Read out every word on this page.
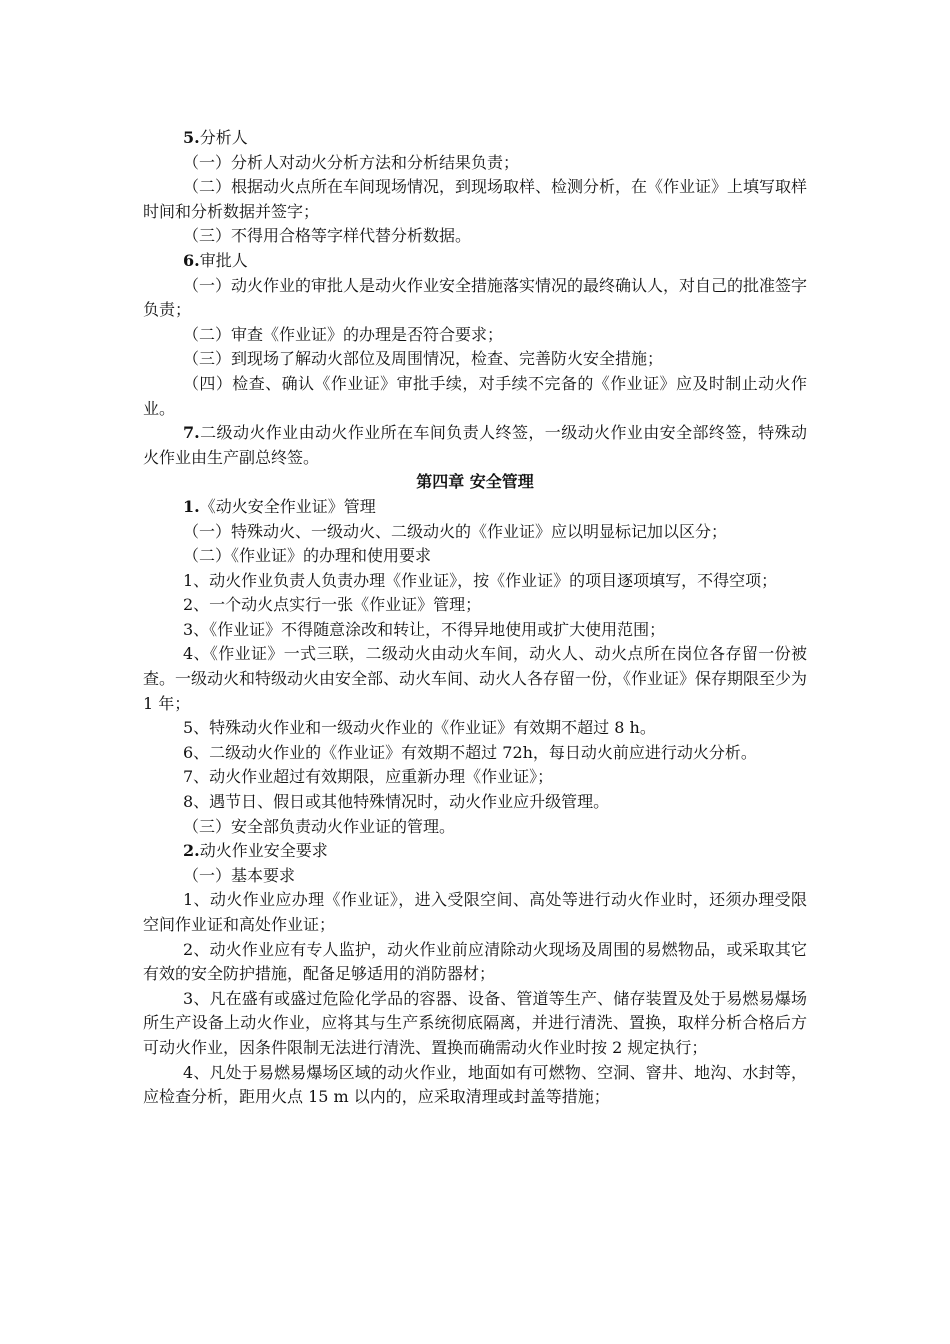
5.分析人

（一）分析人对动火分析方法和分析结果负责；

（二）根据动火点所在车间现场情况，到现场取样、检测分析，在《作业证》上填写取样时间和分析数据并签字；

（三）不得用合格等字样代替分析数据。

6.审批人

（一）动火作业的审批人是动火作业安全措施落实情况的最终确认人，对自己的批准签字负责；

（二）审查《作业证》的办理是否符合要求；

（三）到现场了解动火部位及周围情况，检查、完善防火安全措施；

（四）检查、确认《作业证》审批手续，对手续不完备的《作业证》应及时制止动火作业。

7.二级动火作业由动火作业所在车间负责人终签，一级动火作业由安全部终签，特殊动火作业由生产副总终签。

第四章 安全管理

1.《动火安全作业证》管理

（一）特殊动火、一级动火、二级动火的《作业证》应以明显标记加以区分；

（二）《作业证》的办理和使用要求

1、动火作业负责人负责办理《作业证》，按《作业证》的项目逐项填写，不得空项；

2、一个动火点实行一张《作业证》管理；

3、《作业证》不得随意涂改和转让，不得异地使用或扩大使用范围；

4、《作业证》一式三联，二级动火由动火车间，动火人、动火点所在岗位各存留一份被查。一级动火和特级动火由安全部、动火车间、动火人各存留一份，《作业证》保存期限至少为 1 年；

5、特殊动火作业和一级动火作业的《作业证》有效期不超过 8 h。

6、二级动火作业的《作业证》有效期不超过 72h，每日动火前应进行动火分析。

7、动火作业超过有效期限，应重新办理《作业证》；

8、遇节日、假日或其他特殊情况时，动火作业应升级管理。

（三）安全部负责动火作业证的管理。

2.动火作业安全要求

（一）基本要求

1、动火作业应办理《作业证》，进入受限空间、高处等进行动火作业时，还须办理受限空间作业证和高处作业证；

2、动火作业应有专人监护，动火作业前应清除动火现场及周围的易燃物品，或采取其它有效的安全防护措施，配备足够适用的消防器材；

3、凡在盛有或盛过危险化学品的容器、设备、管道等生产、储存装置及处于易燃易爆场所生产设备上动火作业，应将其与生产系统彻底隔离，并进行清洗、置换，取样分析合格后方可动火作业，因条件限制无法进行清洗、置换而确需动火作业时按 2 规定执行；

4、凡处于易燃易爆场区域的动火作业，地面如有可燃物、空洞、窨井、地沟、水封等，应检查分析，距用火点 15 m 以内的，应采取清理或封盖等措施；
